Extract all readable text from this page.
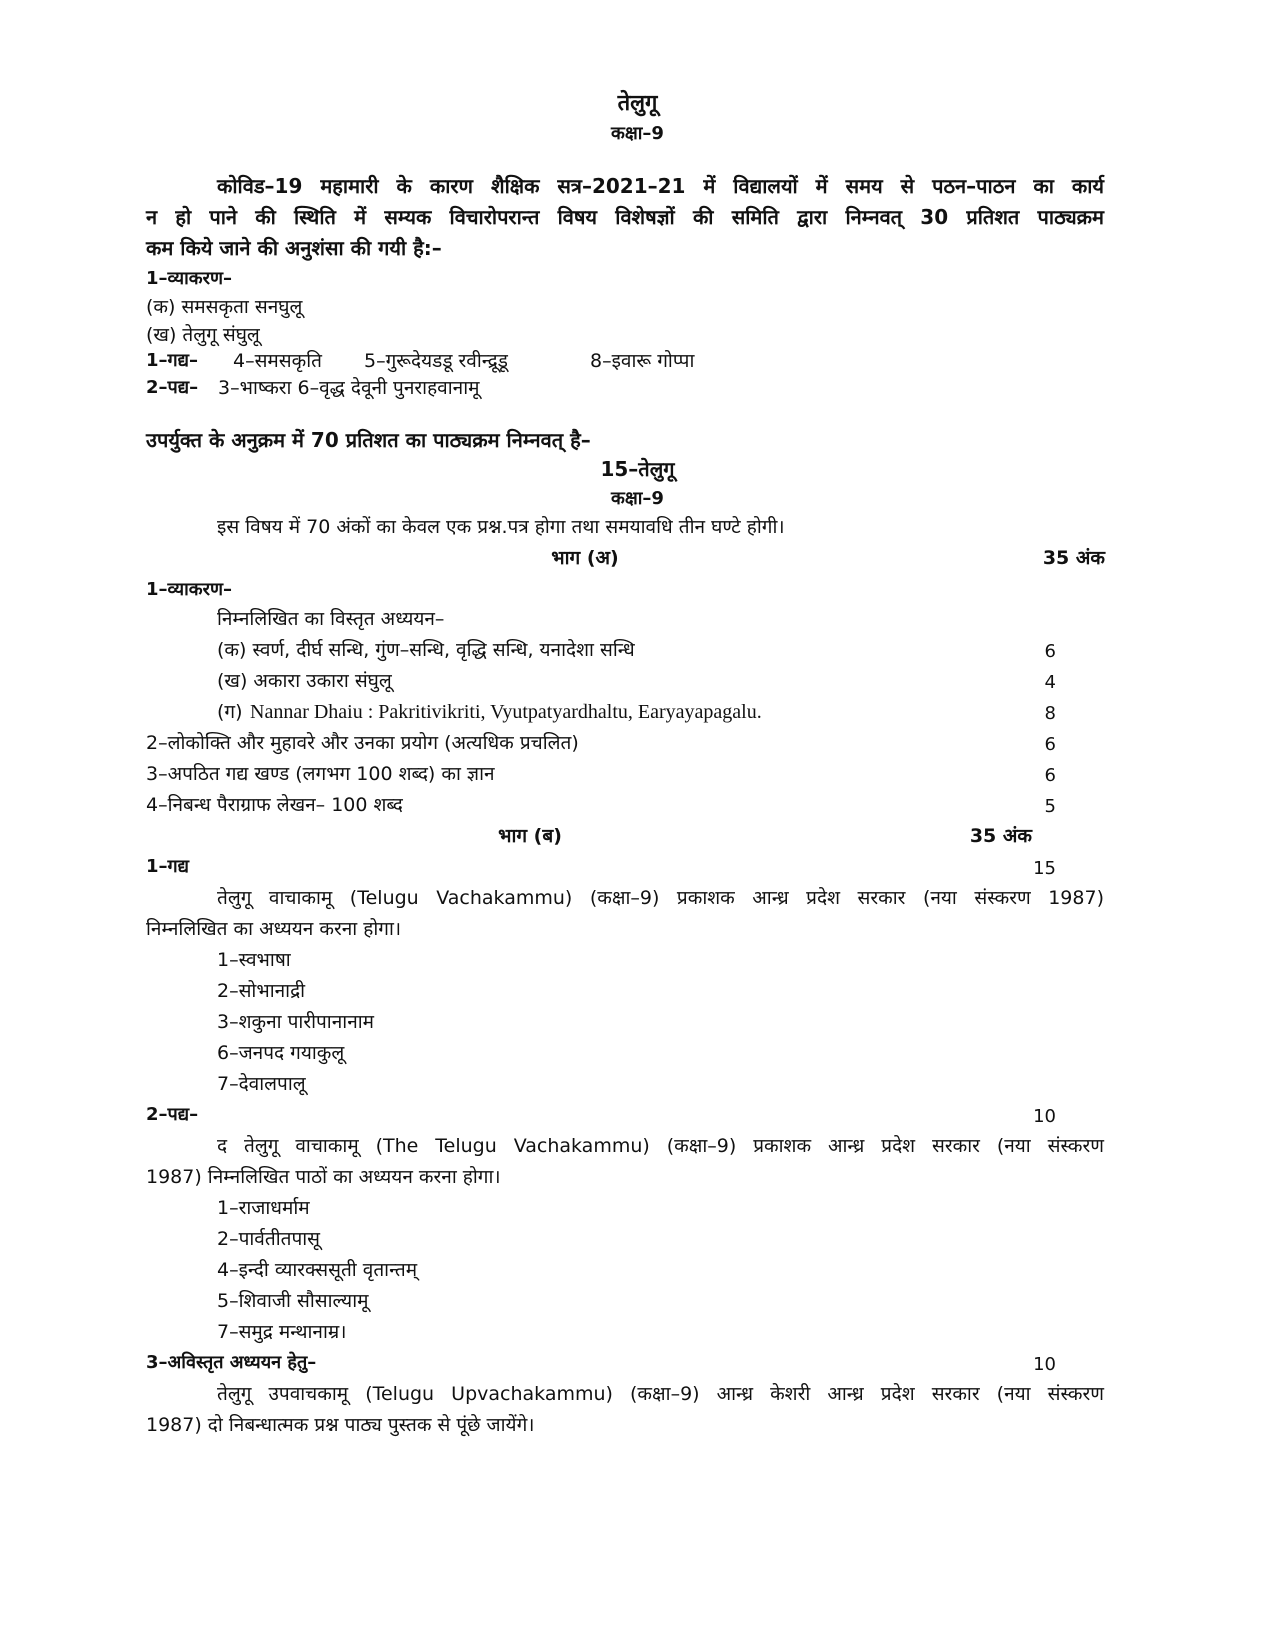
तेलुगू
कक्षा–9
कोविड–19 महामारी के कारण शैक्षिक सत्र–2021–21 में विद्यालयों में समय से पठन–पाठन का कार्य
न हो पाने की स्थिति में सम्यक विचारोपरान्त विषय विशेषज्ञों की समिति द्वारा निम्नवत् 30 प्रतिशत पाठ्यक्रम
कम किये जाने की अनुशंसा की गयी है:–
1–व्याकरण–
(क) समसकृता सनघुलू
(ख) तेलुगू संघुलू
1–गद्य– 4–समसकृति 5–गुरूदेयडडू रवीन्द्रूडू	8–इवारू गोप्पा
2–पद्य– 3–भाष्करा 6–वृद्ध देवूनी पुनराहवानामू
उपर्युक्त के अनुक्रम में 70 प्रतिशत का पाठ्यक्रम निम्नवत् है–
15–तेलुगू
कक्षा–9
इस विषय में 70 अंकों का केवल एक प्रश्न.पत्र होगा तथा समयावधि तीन घण्टे होगी।
भाग (अ)	35 अंक
1–व्याकरण–
निम्नलिखित का विस्तृत अध्ययन–
(क) स्वर्ण, दीर्घ सन्धि, गुंण–सन्धि, वृद्धि सन्धि, यनादेशा सन्धि	6
(ख) अकारा उकारा संघुलू	4
(ग) Nannar Dhaiu : Pakritivikriti, Vyutpatyardhaltu, Earyayapagalu.	8
2–लोकोक्ति और मुहावरे और उनका प्रयोग (अत्यधिक प्रचलित)	6
3–अपठित गद्य खण्ड (लगभग 100 शब्द) का ज्ञान	6
4–निबन्ध पैराग्राफ लेखन– 100 शब्द	5
भाग (ब)	35 अंक
1–गद्य	15
तेलुगू वाचाकामू (Telugu Vachakammu) (कक्षा–9) प्रकाशक आन्ध्र प्रदेश सरकार (नया संस्करण 1987)
निम्नलिखित का अध्ययन करना होगा।
1–स्वभाषा
2–सोभानाद्री
3–शकुना पारीपानानाम
6–जनपद गयाकुलू
7–देवालपालू
2–पद्य–	10
द तेलुगू वाचाकामू (The Telugu Vachakammu) (कक्षा–9) प्रकाशक आन्ध्र प्रदेश सरकार (नया संस्करण
1987) निम्नलिखित पाठों का अध्ययन करना होगा।
1–राजाधर्माम
2–पार्वतीतपासू
4–इन्दी व्यारक्ससूती वृतान्तम्
5–शिवाजी सौसाल्यामू
7–समुद्र मन्थानाम्र।
3–अविस्तृत अध्ययन हेतु–	10
तेलुगू उपवाचकामू (Telugu Upvachakammu) (कक्षा–9) आन्ध्र केशरी आन्ध्र प्रदेश सरकार (नया संस्करण
1987) दो निबन्धात्मक प्रश्न पाठ्य पुस्तक से पूंछे जायेंगे।
